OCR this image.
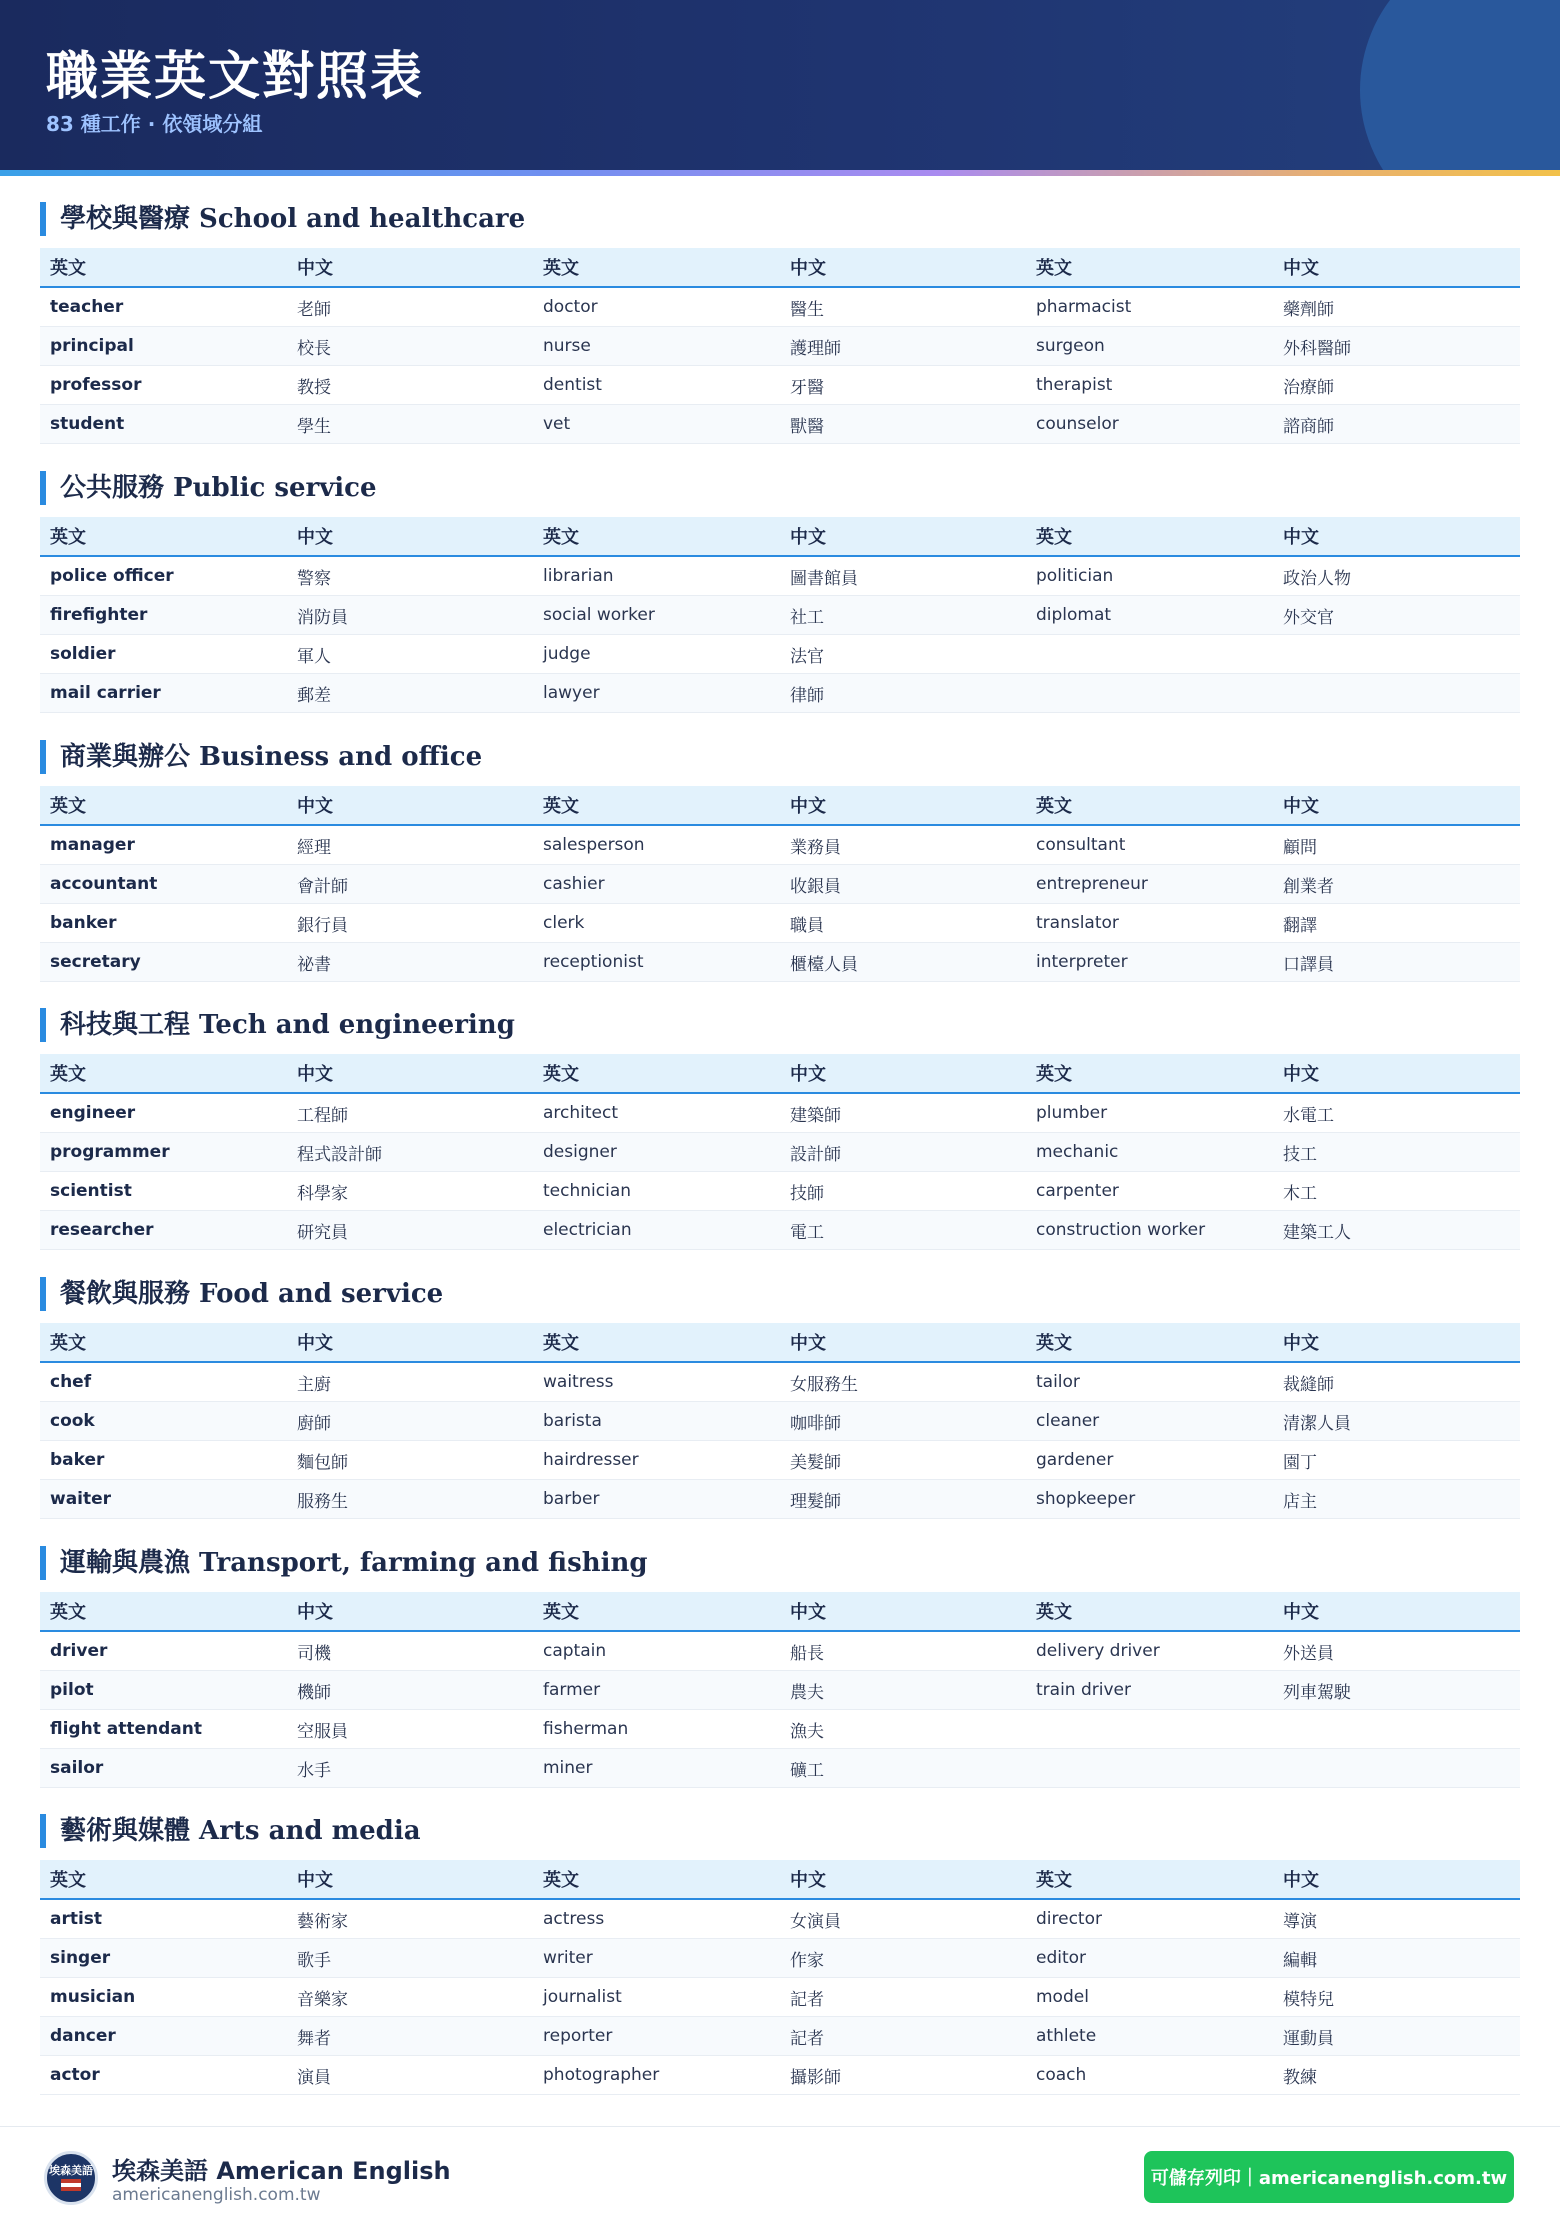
職業英文對照表
83 種工作 · 依領域分組
學校與醫療 School and healthcare
英文	中文	英文	中文	英文	中文
teacher	老師	doctor	醫生	pharmacist	藥劑師
principal	校長	nurse	護理師	surgeon	外科醫師
professor	教授	dentist	牙醫	therapist	治療師
student	學生	vet	獸醫	counselor	諮商師
公共服務 Public service
英文	中文	英文	中文	英文	中文
police officer	警察	librarian	圖書館員	politician	政治人物
firefighter	消防員	social worker	社工	diplomat	外交官
soldier	軍人	judge	法官
mail carrier	郵差	lawyer	律師
商業與辦公 Business and office
英文	中文	英文	中文	英文	中文
manager	經理	salesperson	業務員	consultant	顧問
accountant	會計師	cashier	收銀員	entrepreneur	創業者
banker	銀行員	clerk	職員	translator	翻譯
secretary	祕書	receptionist	櫃檯人員	interpreter	口譯員
科技與工程 Tech and engineering
英文	中文	英文	中文	英文	中文
engineer	工程師	architect	建築師	plumber	水電工
programmer	程式設計師	designer	設計師	mechanic	技工
scientist	科學家	technician	技師	carpenter	木工
researcher	研究員	electrician	電工	construction worker	建築工人
餐飲與服務 Food and service
英文	中文	英文	中文	英文	中文
chef	主廚	waitress	女服務生	tailor	裁縫師
cook	廚師	barista	咖啡師	cleaner	清潔人員
baker	麵包師	hairdresser	美髮師	gardener	園丁
waiter	服務生	barber	理髮師	shopkeeper	店主
運輸與農漁 Transport, farming and fishing
英文	中文	英文	中文	英文	中文
driver	司機	captain	船長	delivery driver	外送員
pilot	機師	farmer	農夫	train driver	列車駕駛
flight attendant	空服員	fisherman	漁夫
sailor	水手	miner	礦工
藝術與媒體 Arts and media
英文	中文	英文	中文	英文	中文
artist	藝術家	actress	女演員	director	導演
singer	歌手	writer	作家	editor	編輯
musician	音樂家	journalist	記者	model	模特兒
dancer	舞者	reporter	記者	athlete	運動員
actor	演員	photographer	攝影師	coach	教練
埃森美語 埃森美語 American English
americanenglish.com.tw
可儲存列印｜americanenglish.com.tw
